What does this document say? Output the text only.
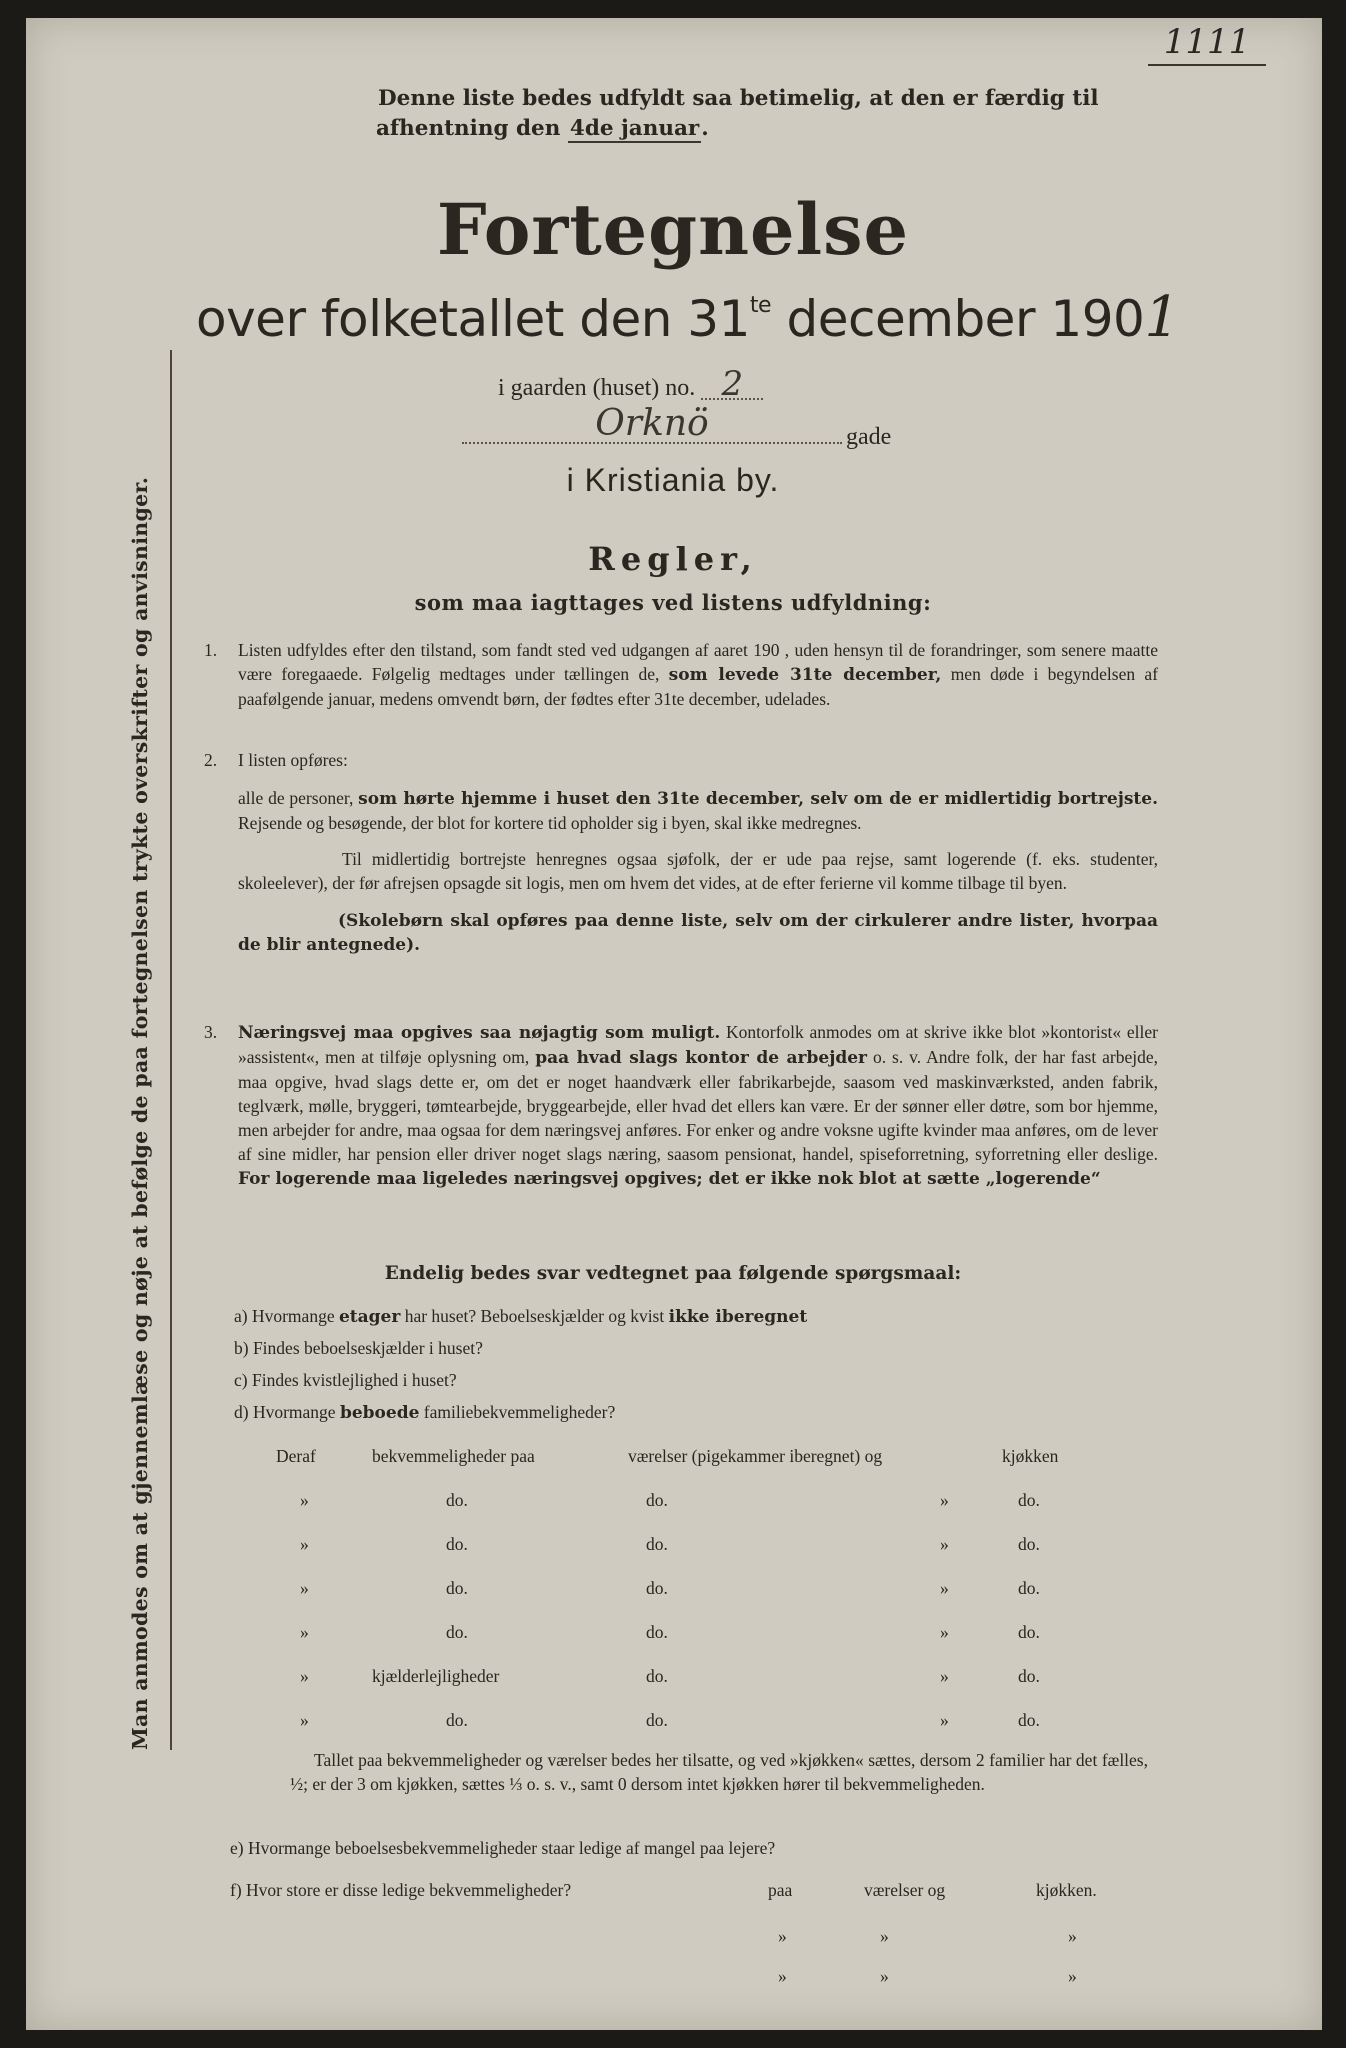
1111
Man anmodes om at gjennemlæse og nøje at befølge de paa fortegnelsen trykte overskrifter og anvisninger.
Denne liste bedes udfyldt saa betimelig, at den er færdig til
afhentning den 4de januar.
Fortegnelse
over folketallet den $31^{te}$ december 1901
i gaarden (huset) no. 2
Orknö	gade
i Kristiania by.
Regler,
som maa iagttages ved listens udfyldning:
1. Listen udfyldes efter den tilstand, som fandt sted ved udgangen af aaret 190 , uden hensyn til de forandringer, som senere maatte være foregaaede. Følgelig medtages under tællingen de, som levede 31te december, men døde i begyndelsen af paafølgende januar, medens omvendt børn, der fødtes efter 31te december, udelades.
2. I listen opføres:
alle de personer, som hørte hjemme i huset den 31te december, selv om de er midlertidig bortrejste. Rejsende og besøgende, der blot for kortere tid opholder sig i byen, skal ikke medregnes.
Til midlertidig bortrejste henregnes ogsaa sjøfolk, der er ude paa rejse, samt logerende (f. eks. studenter, skoleelever), der før afrejsen opsagde sit logis, men om hvem det vides, at de efter ferierne vil komme tilbage til byen.
(Skolebørn skal opføres paa denne liste, selv om der cirkulerer andre lister, hvorpaa de blir antegnede).
3. Næringsvej maa opgives saa nøjagtig som muligt. Kontorfolk anmodes om at skrive ikke blot »kontorist« eller »assistent«, men at tilføje oplysning om, paa hvad slags kontor de arbejder o. s. v. Andre folk, der har fast arbejde, maa opgive, hvad slags dette er, om det er noget haandværk eller fabrikarbejde, saasom ved maskinværksted, anden fabrik, teglværk, mølle, bryggeri, tømtearbejde, bryggearbejde, eller hvad det ellers kan være. Er der sønner eller døtre, som bor hjemme, men arbejder for andre, maa ogsaa for dem næringsvej anføres. For enker og andre voksne ugifte kvinder maa anføres, om de lever af sine midler, har pension eller driver noget slags næring, saasom pensionat, handel, spiseforretning, syforretning eller deslige. For logerende maa ligeledes næringsvej opgives; det er ikke nok blot at sætte „logerende“
Endelig bedes svar vedtegnet paa følgende spørgsmaal:
a) Hvormange etager har huset? Beboelseskjælder og kvist ikke iberegnet
b) Findes beboelseskjælder i huset?
c) Findes kvistlejlighed i huset?
d) Hvormange beboede familiebekvemmeligheder?
Deraf	bekvemmeligheder paa	værelser (pigekammer iberegnet) og	kjøkken
»	do.	do.	»	do.
»	do.	do.	»	do.
»	do.	do.	»	do.
»	do.	do.	»	do.
»	kjælderlejligheder	do.	»	do.
»	do.	do.	»	do.
Tallet paa bekvemmeligheder og værelser bedes her tilsatte, og ved »kjøkken« sættes, dersom 2 familier har det fælles, ½; er der 3 om kjøkken, sættes ⅓ o. s. v., samt 0 dersom intet kjøkken hører til bekvemmeligheden.
e) Hvormange beboelsesbekvemmeligheder staar ledige af mangel paa lejere?
f) Hvor store er disse ledige bekvemmeligheder?	paa	værelser og	kjøkken.
»	»	»
»	»	»
